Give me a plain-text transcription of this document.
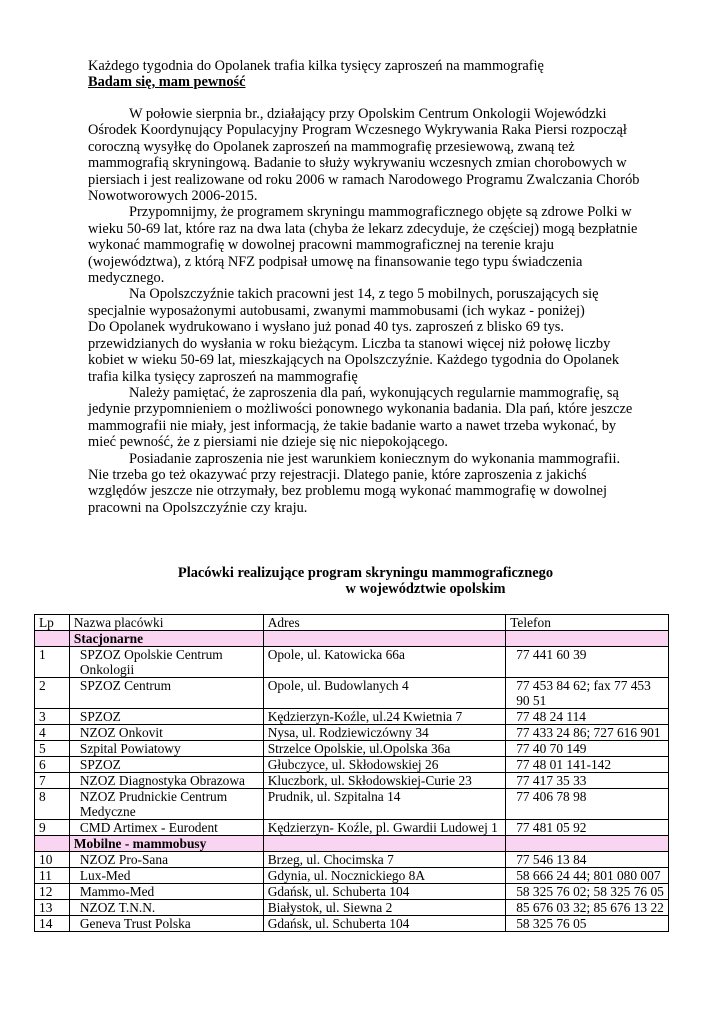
Każdego tygodnia do Opolanek trafia kilka tysięcy zaproszeń na mammografię

Badam się, mam pewność

W połowie sierpnia br., działający przy Opolskim Centrum Onkologii Wojewódzki Ośrodek Koordynujący Populacyjny Program Wczesnego Wykrywania Raka Piersi rozpoczął coroczną wysyłkę do Opolanek zaproszeń na mammografię przesiewową, zwaną też mammografią skryningową. Badanie to służy wykrywaniu wczesnych zmian chorobowych w piersiach i jest realizowane od roku 2006 w ramach Narodowego Programu Zwalczania Chorób Nowotworowych 2006-2015.

Przypomnijmy, że programem skryningu mammograficznego objęte są zdrowe Polki w wieku 50-69 lat, które raz na dwa lata (chyba że lekarz zdecyduje, że częściej) mogą bezpłatnie wykonać mammografię w dowolnej pracowni mammograficznej na terenie kraju (województwa), z którą NFZ podpisał umowę na finansowanie tego typu świadczenia medycznego.

Na Opolszczyźnie takich pracowni jest 14, z tego 5 mobilnych, poruszających się specjalnie wyposażonymi autobusami, zwanymi mammobusami (ich wykaz - poniżej)

Do Opolanek wydrukowano i wysłano już ponad 40 tys. zaproszeń z blisko 69 tys. przewidzianych do wysłania w roku bieżącym. Liczba ta stanowi więcej niż połowę liczby kobiet w wieku 50-69 lat, mieszkających na Opolszczyźnie. Każdego tygodnia do Opolanek trafia kilka tysięcy zaproszeń na mammografię

Należy pamiętać, że zaproszenia dla pań, wykonujących regularnie mammografię, są jedynie przypomnieniem o możliwości ponownego wykonania badania. Dla pań, które jeszcze mammografii nie miały, jest informacją, że takie badanie warto a nawet trzeba wykonać, by mieć pewność, że z piersiami nie dzieje się nic niepokojącego.

Posiadanie zaproszenia nie jest warunkiem koniecznym do wykonania mammografii. Nie trzeba go też okazywać przy rejestracji. Dlatego panie, które zaproszenia z jakichś względów jeszcze nie otrzymały, bez problemu mogą wykonać mammografię w dowolnej pracowni na Opolszczyźnie czy kraju.

Placówki realizujące program skryningu mammograficznego

w województwie opolskim

Lp	Nazwa placówki	Adres	Telefon
	Stacjonarne		
1	SPZOZ Opolskie Centrum Onkologii	Opole, ul. Katowicka 66a	77 441 60 39
2	SPZOZ Centrum	Opole, ul. Budowlanych 4	77 453 84 62; fax 77 453 90 51
3	SPZOZ	Kędzierzyn-Koźle, ul.24 Kwietnia 7	77 48 24 114
4	NZOZ Onkovit	Nysa, ul. Rodziewiczówny 34	77 433 24 86; 727 616 901
5	Szpital Powiatowy	Strzelce Opolskie, ul.Opolska 36a	77 40 70 149
6	SPZOZ	Głubczyce, ul. Skłodowskiej 26	77 48 01 141-142
7	NZOZ Diagnostyka Obrazowa	Kluczbork, ul. Skłodowskiej-Curie 23	77 417 35 33
8	NZOZ Prudnickie Centrum Medyczne	Prudnik, ul. Szpitalna 14	77 406 78 98
9	CMD Artimex - Eurodent	Kędzierzyn- Koźle, pl. Gwardii Ludowej 1	77 481 05 92
	Mobilne - mammobusy		
10	NZOZ Pro-Sana	Brzeg, ul. Chocimska 7	77 546 13 84
11	Lux-Med	Gdynia, ul. Nocznickiego 8A	58 666 24 44; 801 080 007
12	Mammo-Med	Gdańsk, ul. Schuberta 104	58 325 76 02; 58 325 76 05
13	NZOZ T.N.N.	Białystok, ul. Siewna 2	85 676 03 32; 85 676 13 22
14	Geneva Trust Polska	Gdańsk, ul. Schuberta 104	58 325 76 05
